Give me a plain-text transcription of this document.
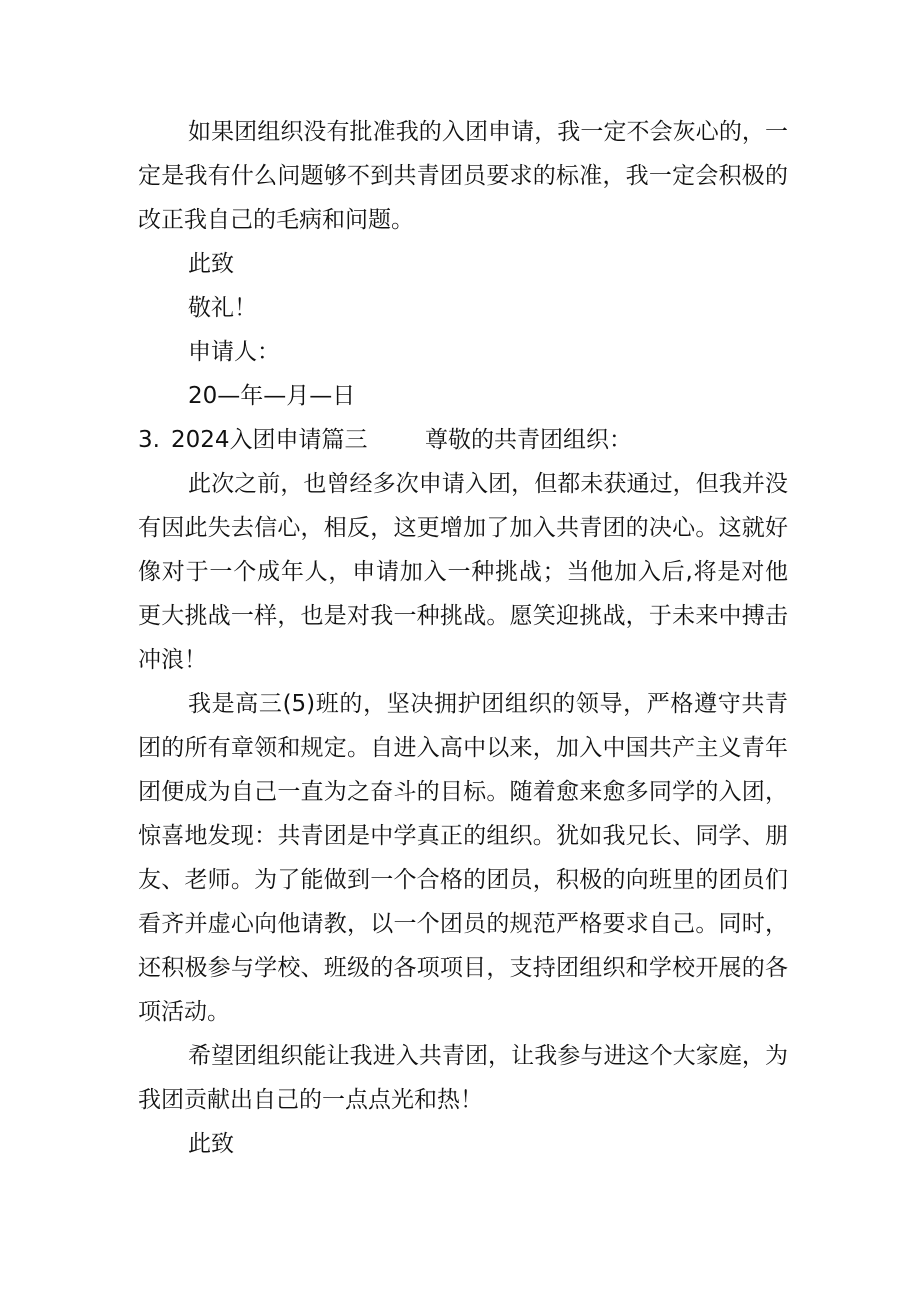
如果团组织没有批准我的入团申请，我一定不会灰心的，一
定是我有什么问题够不到共青团员要求的标准，我一定会积极的
改正我自己的毛病和问题。
此致
敬礼！
申请人：
20—年—月—日
3. 2024入团申请篇三 尊敬的共青团组织：
此次之前，也曾经多次申请入团，但都未获通过，但我并没
有因此失去信心，相反，这更增加了加入共青团的决心。这就好
像对于一个成年人，申请加入一种挑战；当他加入后,将是对他
更大挑战一样，也是对我一种挑战。愿笑迎挑战，于未来中搏击
冲浪！
我是高三(5)班的，坚决拥护团组织的领导，严格遵守共青
团的所有章领和规定。自进入高中以来，加入中国共产主义青年
团便成为自己一直为之奋斗的目标。随着愈来愈多同学的入团，
惊喜地发现：共青团是中学真正的组织。犹如我兄长、同学、朋
友、老师。为了能做到一个合格的团员，积极的向班里的团员们
看齐并虚心向他请教，以一个团员的规范严格要求自己。同时，
还积极参与学校、班级的各项项目，支持团组织和学校开展的各
项活动。
希望团组织能让我进入共青团，让我参与进这个大家庭，为
我团贡献出自己的一点点光和热！
此致
